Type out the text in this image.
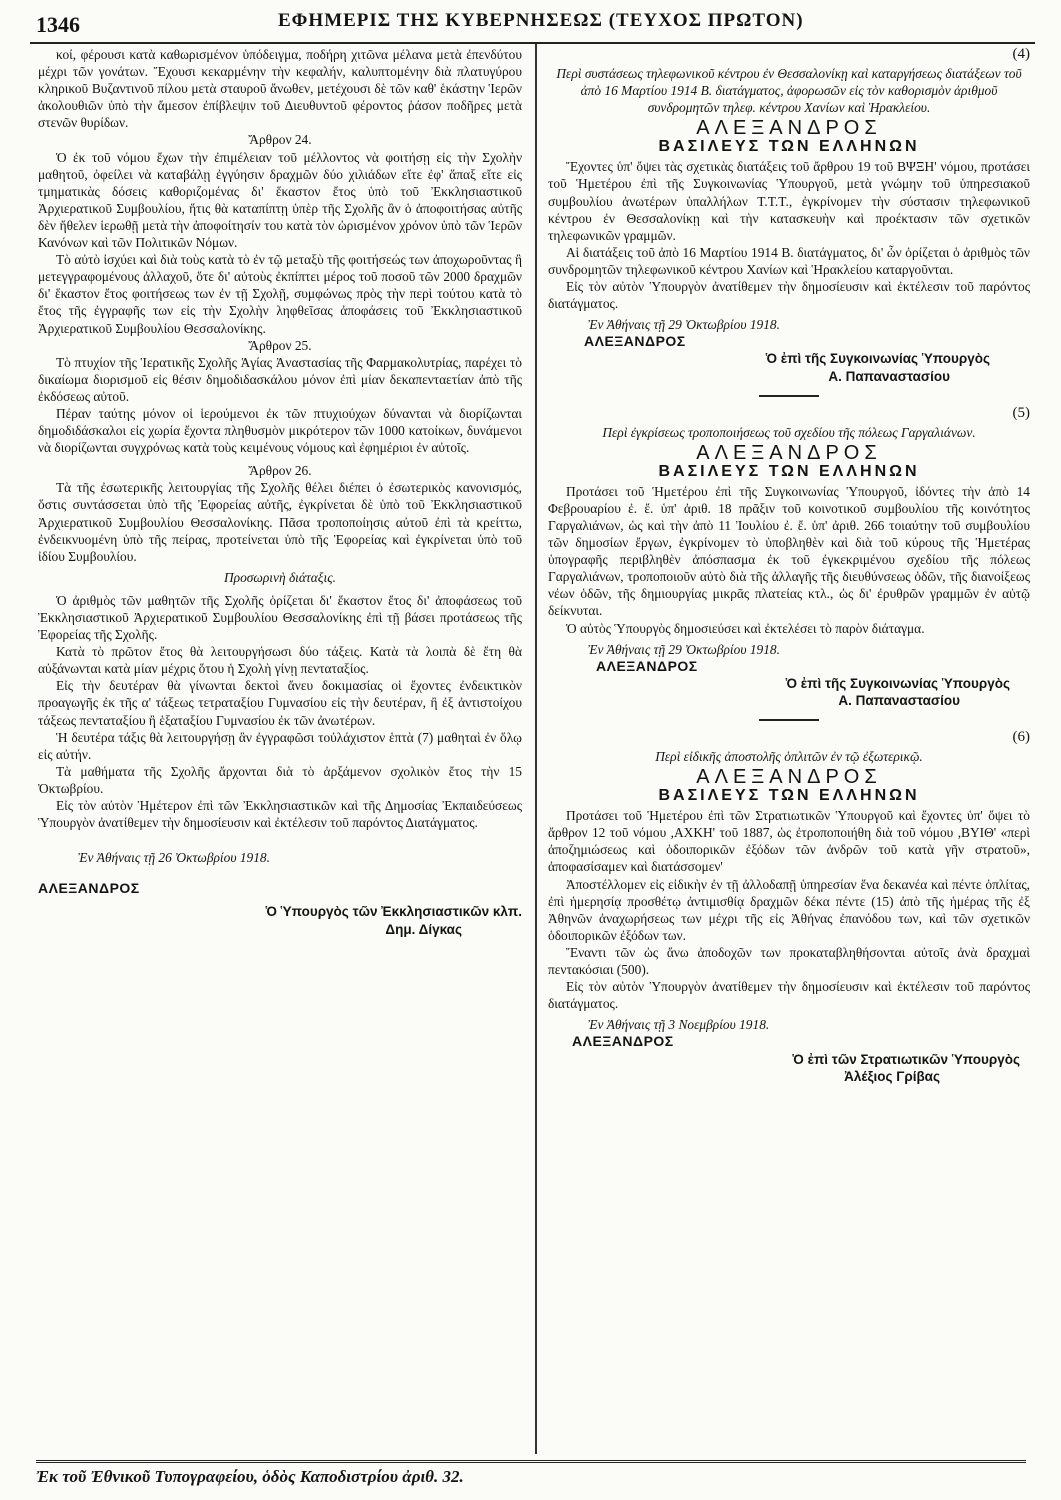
1346	ΕΦΗΜΕΡΙΣ ΤΗΣ ΚΥΒΕΡΝΗΣΕΩΣ (ΤΕΥΧΟΣ ΠΡΩΤΟΝ)

κοί, φέρουσι κατὰ καθωρισμένον ὑπόδειγμα, ποδήρη χιτῶνα μέλανα μετὰ ἐπενδύτου μέχρι τῶν γονάτων. Ἔχουσι κεκαρμένην τὴν κεφαλήν, καλυπτομένην διὰ πλατυγύρου κληρικοῦ Βυζαντινοῦ πίλου μετὰ σταυροῦ ἄνωθεν, μετέχουσι δὲ τῶν καθ' ἑκάστην Ἱερῶν ἀκολουθιῶν ὑπὸ τὴν ἄμεσον ἐπίβλεψιν τοῦ Διευθυντοῦ φέροντος ῥάσον ποδῆρες μετὰ στενῶν θυρίδων.

Ἄρθρον 24.

Ὁ ἐκ τοῦ νόμου ἔχων τὴν ἐπιμέλειαν τοῦ μέλλοντος νὰ φοιτήσῃ εἰς τὴν Σχολὴν μαθητοῦ, ὀφείλει νὰ καταβάλῃ ἐγγύησιν δραχμῶν δύο χιλιάδων εἴτε ἐφ' ἅπαξ εἴτε εἰς τμηματικὰς δόσεις καθοριζομένας δι' ἕκαστον ἔτος ὑπὸ τοῦ Ἐκκλησιαστικοῦ Ἀρχιερατικοῦ Συμβουλίου, ἥτις θὰ καταπίπτῃ ὑπὲρ τῆς Σχολῆς ἂν ὁ ἀποφοιτήσας αὐτῆς δὲν ἤθελεν ἱερωθῇ μετὰ τὴν ἀποφοίτησίν του κατὰ τὸν ὡρισμένον χρόνον ὑπὸ τῶν Ἱερῶν Κανόνων καὶ τῶν Πολιτικῶν Νόμων.

Τὸ αὐτὸ ἰσχύει καὶ διὰ τοὺς κατὰ τὸ ἐν τῷ μεταξὺ τῆς φοιτήσεώς των ἀποχωροῦντας ἢ μετεγγραφομένους ἀλλαχοῦ, ὅτε δι' αὐτοὺς ἐκπίπτει μέρος τοῦ ποσοῦ τῶν 2000 δραχμῶν δι' ἕκαστον ἔτος φοιτήσεως των ἐν τῇ Σχολῇ, συμφώνως πρὸς τὴν περὶ τούτου κατὰ τὸ ἔτος τῆς ἐγγραφῆς των εἰς τὴν Σχολὴν ληφθεῖσας ἀποφάσεις τοῦ Ἐκκλησιαστικοῦ Ἀρχιερατικοῦ Συμβουλίου Θεσσαλονίκης.

Ἄρθρον 25.

Τὸ πτυχίον τῆς Ἱερατικῆς Σχολῆς Ἁγίας Ἀναστασίας τῆς Φαρμακολυτρίας, παρέχει τὸ δικαίωμα διορισμοῦ εἰς θέσιν δημοδιδασκάλου μόνον ἐπὶ μίαν δεκαπενταετίαν ἀπὸ τῆς ἐκδόσεως αὐτοῦ.

Πέραν ταύτης μόνον οἱ ἱερούμενοι ἐκ τῶν πτυχιούχων δύνανται νὰ διορίζωνται δημοδιδάσκαλοι εἰς χωρία ἔχοντα πληθυσμὸν μικρότερον τῶν 1000 κατοίκων, δυνάμενοι νὰ διορίζωνται συγχρόνως κατὰ τοὺς κειμένους νόμους καὶ ἐφημέριοι ἐν αὐτοῖς.

Ἄρθρον 26.

Τὰ τῆς ἐσωτερικῆς λειτουργίας τῆς Σχολῆς θέλει διέπει ὁ ἐσωτερικὸς κανονισμός, ὅστις συντάσσεται ὑπὸ τῆς Ἐφορείας αὐτῆς, ἐγκρίνεται δὲ ὑπὸ τοῦ Ἐκκλησιαστικοῦ Ἀρχιερατικοῦ Συμβουλίου Θεσσαλονίκης. Πᾶσα τροποποίησις αὐτοῦ ἐπὶ τὰ κρείττω, ἐνδεικνυομένη ὑπὸ τῆς πείρας, προτείνεται ὑπὸ τῆς Ἐφορείας καὶ ἐγκρίνεται ὑπὸ τοῦ ἰδίου Συμβουλίου.

Προσωρινὴ διάταξις.

Ὁ ἀριθμὸς τῶν μαθητῶν τῆς Σχολῆς ὁρίζεται δι' ἕκαστον ἔτος δι' ἀποφάσεως τοῦ Ἐκκλησιαστικοῦ Ἀρχιερατικοῦ Συμβουλίου Θεσσαλονίκης ἐπὶ τῇ βάσει προτάσεως τῆς Ἐφορείας τῆς Σχολῆς.

Κατὰ τὸ πρῶτον ἔτος θὰ λειτουργήσωσι δύο τάξεις. Κατὰ τὰ λοιπὰ δὲ ἔτη θὰ αὐξάνωνται κατὰ μίαν μέχρις ὅτου ἡ Σχολὴ γίνῃ πενταταξίος.

Εἰς τὴν δευτέραν θὰ γίνωνται δεκτοὶ ἄνευ δοκιμασίας οἱ ἔχοντες ἐνδεικτικὸν προαγωγῆς ἐκ τῆς α' τάξεως τετραταξίου Γυμνασίου εἰς τὴν δευτέραν, ἢ ἐξ ἀντιστοίχου τάξεως πενταταξίου ἢ ἑξαταξίου Γυμνασίου ἐκ τῶν ἀνωτέρων.

Ἡ δευτέρα τάξις θὰ λειτουργήσῃ ἂν ἐγγραφῶσι τοὐλάχιστον ἑπτὰ (7) μαθηταὶ ἐν ὅλῳ εἰς αὐτήν.

Τὰ μαθήματα τῆς Σχολῆς ἄρχονται διὰ τὸ ἀρξάμενον σχολικὸν ἔτος τὴν 15 Ὀκτωβρίου.

Εἰς τὸν αὐτὸν Ἡμέτερον ἐπὶ τῶν Ἐκκλησιαστικῶν καὶ τῆς Δημοσίας Ἐκπαιδεύσεως Ὑπουργὸν ἀνατίθεμεν τὴν δημοσίευσιν καὶ ἐκτέλεσιν τοῦ παρόντος Διατάγματος.

Ἐν Ἀθήναις τῇ 26 Ὀκτωβρίου 1918.

ΑΛΕΞΑΝΔΡΟΣ

Ὁ Ὑπουργὸς τῶν Ἐκκλησιαστικῶν κλπ.

Δημ. Δίγκας

(4)

Περὶ συστάσεως τηλεφωνικοῦ κέντρου ἐν Θεσσαλονίκῃ καὶ καταργήσεως διατάξεων τοῦ ἀπὸ 16 Μαρτίου 1914 Β. διατάγματος, ἀφορωσῶν εἰς τὸν καθορισμὸν ἀριθμοῦ συνδρομητῶν τηλεφ. κέντρου Χανίων καὶ Ἡρακλείου.

ΑΛΕΞΑΝΔΡΟΣ

ΒΑΣΙΛΕΥΣ ΤΩΝ ΕΛΛΗΝΩΝ

Ἔχοντες ὑπ' ὄψει τὰς σχετικὰς διατάξεις τοῦ ἄρθρου 19 τοῦ ΒΨΞΗ' νόμου, προτάσει τοῦ Ἡμετέρου ἐπὶ τῆς Συγκοινωνίας Ὑπουργοῦ, μετὰ γνώμην τοῦ ὑπηρεσιακοῦ συμβουλίου ἀνωτέρων ὑπαλλήλων Τ.Τ.Τ., ἐγκρίνομεν τὴν σύστασιν τηλεφωνικοῦ κέντρου ἐν Θεσσαλονίκῃ καὶ τὴν κατασκευὴν καὶ προέκτασιν τῶν σχετικῶν τηλεφωνικῶν γραμμῶν.

Αἱ διατάξεις τοῦ ἀπὸ 16 Μαρτίου 1914 Β. διατάγματος, δι' ὧν ὁρίζεται ὁ ἀριθμὸς τῶν συνδρομητῶν τηλεφωνικοῦ κέντρου Χανίων καὶ Ἡρακλείου καταργοῦνται.

Εἰς τὸν αὐτὸν Ὑπουργὸν ἀνατίθεμεν τὴν δημοσίευσιν καὶ ἐκτέλεσιν τοῦ παρόντος διατάγματος.

Ἐν Ἀθήναις τῇ 29 Ὀκτωβρίου 1918.

ΑΛΕΞΑΝΔΡΟΣ

Ὁ ἐπὶ τῆς Συγκοινωνίας Ὑπουργὸς

Α. Παπαναστασίου

(5)

Περὶ ἐγκρίσεως τροποποιήσεως τοῦ σχεδίου τῆς πόλεως Γαργαλιάνων.

ΑΛΕΞΑΝΔΡΟΣ

ΒΑΣΙΛΕΥΣ ΤΩΝ ΕΛΛΗΝΩΝ

Προτάσει τοῦ Ἡμετέρου ἐπὶ τῆς Συγκοινωνίας Ὑπουργοῦ, ἰδόντες τὴν ἀπὸ 14 Φεβρουαρίου ἐ. ἔ. ὑπ' ἀριθ. 18 πρᾶξιν τοῦ κοινοτικοῦ συμβουλίου τῆς κοινότητος Γαργαλιάνων, ὡς καὶ τὴν ἀπὸ 11 Ἰουλίου ἐ. ἔ. ὑπ' ἀριθ. 266 τοιαύτην τοῦ συμβουλίου τῶν δημοσίων ἔργων, ἐγκρίνομεν τὸ ὑποβληθὲν καὶ διὰ τοῦ κύρους τῆς Ἡμετέρας ὑπογραφῆς περιβληθὲν ἀπόσπασμα ἐκ τοῦ ἐγκεκριμένου σχεδίου τῆς πόλεως Γαργαλιάνων, τροποποιοῦν αὐτὸ διὰ τῆς ἀλλαγῆς τῆς διευθύνσεως ὁδῶν, τῆς διανοίξεως νέων ὁδῶν, τῆς δημιουργίας μικρᾶς πλατείας κτλ., ὡς δι' ἐρυθρῶν γραμμῶν ἐν αὐτῷ δείκνυται.

Ὁ αὐτὸς Ὑπουργὸς δημοσιεύσει καὶ ἐκτελέσει τὸ παρὸν διάταγμα.

Ἐν Ἀθήναις τῇ 29 Ὀκτωβρίου 1918.

ΑΛΕΞΑΝΔΡΟΣ

Ὁ ἐπὶ τῆς Συγκοινωνίας Ὑπουργὸς

Α. Παπαναστασίου

(6)

Περὶ εἰδικῆς ἀποστολῆς ὁπλιτῶν ἐν τῷ ἐξωτερικῷ.

ΑΛΕΞΑΝΔΡΟΣ

ΒΑΣΙΛΕΥΣ ΤΩΝ ΕΛΛΗΝΩΝ

Προτάσει τοῦ Ἡμετέρου ἐπὶ τῶν Στρατιωτικῶν Ὑπουργοῦ καὶ ἔχοντες ὑπ' ὄψει τὸ ἄρθρον 12 τοῦ νόμου ,ΑΧΚΗ' τοῦ 1887, ὡς ἐτροποποιήθη διὰ τοῦ νόμου ,ΒΥΙΘ' «περὶ ἀποζημιώσεως καὶ ὁδοιπορικῶν ἐξόδων τῶν ἀνδρῶν τοῦ κατὰ γῆν στρατοῦ», ἀποφασίσαμεν καὶ διατάσσομεν'

Ἀποστέλλομεν εἰς εἰδικὴν ἐν τῇ ἀλλοδαπῇ ὑπηρεσίαν ἕνα δεκανέα καὶ πέντε ὁπλίτας, ἐπὶ ἡμερησίᾳ προσθέτῳ ἀντιμισθίᾳ δραχμῶν δέκα πέντε (15) ἀπὸ τῆς ἡμέρας τῆς ἐξ Ἀθηνῶν ἀναχωρήσεως των μέχρι τῆς εἰς Ἀθήνας ἐπανόδου των, καὶ τῶν σχετικῶν ὁδοιπορικῶν ἐξόδων των.

Ἔναντι τῶν ὡς ἄνω ἀποδοχῶν των προκαταβληθήσονται αὐτοῖς ἀνὰ δραχμαὶ πεντακόσιαι (500).

Εἰς τὸν αὐτὸν Ὑπουργὸν ἀνατίθεμεν τὴν δημοσίευσιν καὶ ἐκτέλεσιν τοῦ παρόντος διατάγματος.

Ἐν Ἀθήναις τῇ 3 Νοεμβρίου 1918.

ΑΛΕΞΑΝΔΡΟΣ

Ὁ ἐπὶ τῶν Στρατιωτικῶν Ὑπουργὸς

Ἀλέξιος Γρίβας

Ἐκ τοῦ Ἐθνικοῦ Τυπογραφείου, ὁδὸς Καποδιστρίου ἀριθ. 32.
